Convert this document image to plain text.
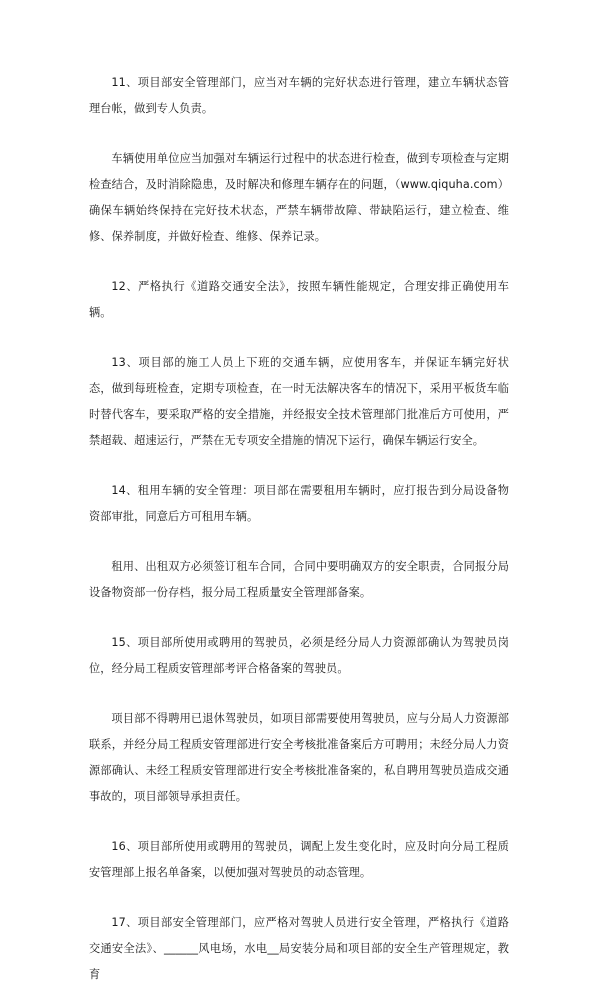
11、项目部安全管理部门，应当对车辆的完好状态进行管理，建立车辆状态管理台帐，做到专人负责。

车辆使用单位应当加强对车辆运行过程中的状态进行检查，做到专项检查与定期检查结合，及时消除隐患，及时解决和修理车辆存在的问题，（www.qiquha.com）确保车辆始终保持在完好技术状态，严禁车辆带故障、带缺陷运行，建立检查、维修、保养制度，并做好检查、维修、保养记录。

12、严格执行《道路交通安全法》，按照车辆性能规定，合理安排正确使用车辆。

13、项目部的施工人员上下班的交通车辆，应使用客车，并保证车辆完好状态，做到每班检查，定期专项检查，在一时无法解决客车的情况下，采用平板货车临时替代客车，要采取严格的安全措施，并经报安全技术管理部门批准后方可使用，严禁超载、超速运行，严禁在无专项安全措施的情况下运行，确保车辆运行安全。

14、租用车辆的安全管理：项目部在需要租用车辆时，应打报告到分局设备物资部审批，同意后方可租用车辆。

租用、出租双方必须签订租车合同，合同中要明确双方的安全职责，合同报分局设备物资部一份存档，报分局工程质量安全管理部备案。

15、项目部所使用或聘用的驾驶员，必须是经分局人力资源部确认为驾驶员岗位，经分局工程质安管理部考评合格备案的驾驶员。

项目部不得聘用已退休驾驶员，如项目部需要使用驾驶员，应与分局人力资源部联系，并经分局工程质安管理部进行安全考核批准备案后方可聘用；未经分局人力资源部确认、未经工程质安管理部进行安全考核批准备案的，私自聘用驾驶员造成交通事故的，项目部领导承担责任。

16、项目部所使用或聘用的驾驶员，调配上发生变化时，应及时向分局工程质安管理部上报名单备案，以便加强对驾驶员的动态管理。

17、项目部安全管理部门，应严格对驾驶人员进行安全管理，严格执行《道路交通安全法》、______风电场，水电__局安装分局和项目部的安全生产管理规定，教育
